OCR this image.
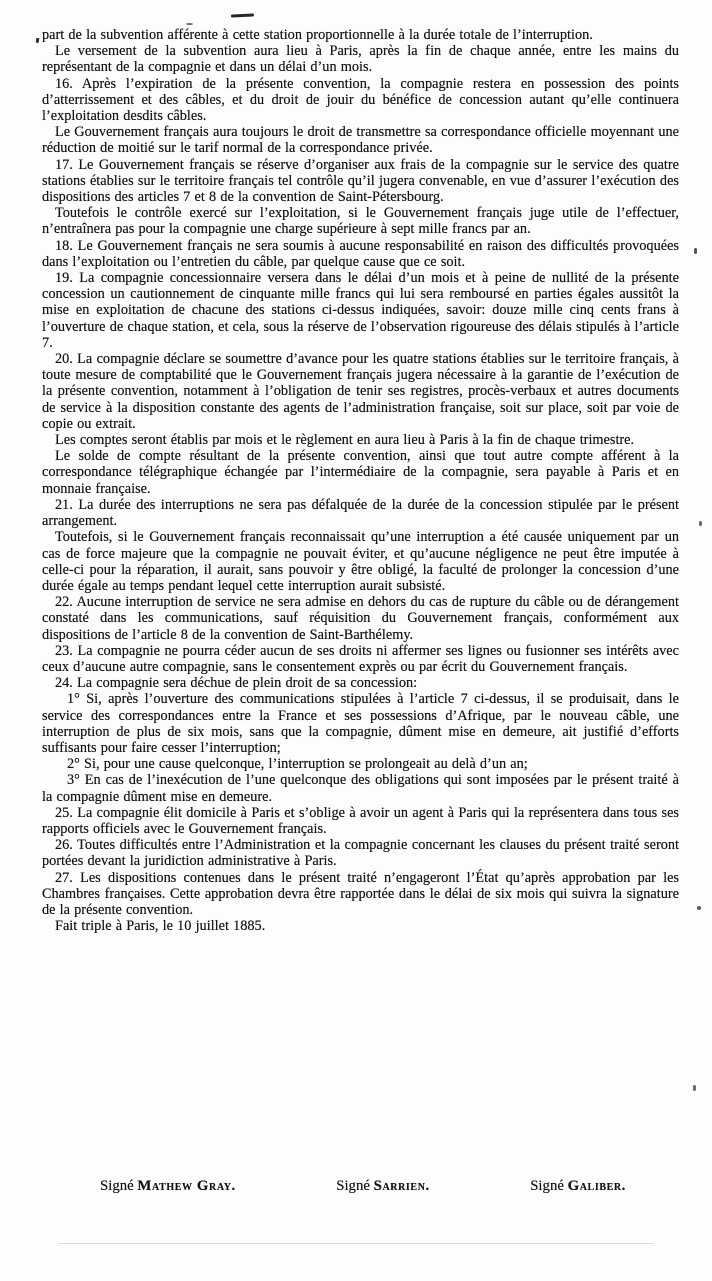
part de la subvention afférente à cette station proportionnelle à la durée totale de l’interruption.

Le versement de la subvention aura lieu à Paris, après la fin de chaque année, entre les mains du représentant de la compagnie et dans un délai d’un mois.

16. Après l’expiration de la présente convention, la compagnie restera en possession des points d’atterrissement et des câbles, et du droit de jouir du bénéfice de concession autant qu’elle continuera l’exploitation desdits câbles.

Le Gouvernement français aura toujours le droit de transmettre sa correspondance officielle moyennant une réduction de moitié sur le tarif normal de la correspondance privée.

17. Le Gouvernement français se réserve d’organiser aux frais de la compagnie sur le service des quatre stations établies sur le territoire français tel contrôle qu’il jugera convenable, en vue d’assurer l’exécution des dispositions des articles 7 et 8 de la convention de Saint-Pétersbourg.

Toutefois le contrôle exercé sur l’exploitation, si le Gouvernement français juge utile de l’effectuer, n’entraînera pas pour la compagnie une charge supérieure à sept mille francs par an.

18. Le Gouvernement français ne sera soumis à aucune responsabilité en raison des difficultés provoquées dans l’exploitation ou l’entretien du câble, par quelque cause que ce soit.

19. La compagnie concessionnaire versera dans le délai d’un mois et à peine de nullité de la présente concession un cautionnement de cinquante mille francs qui lui sera remboursé en parties égales aussitôt la mise en exploitation de chacune des stations ci-dessus indiquées, savoir: douze mille cinq cents frans à l’ouverture de chaque station, et cela, sous la réserve de l’observation rigoureuse des délais stipulés à l’article 7.

20. La compagnie déclare se soumettre d’avance pour les quatre stations établies sur le territoire français, à toute mesure de comptabilité que le Gouvernement français jugera nécessaire à la garantie de l’exécution de la présente convention, notamment à l’obligation de tenir ses registres, procès-verbaux et autres documents de service à la disposition constante des agents de l’administration française, soit sur place, soit par voie de copie ou extrait.

Les comptes seront établis par mois et le règlement en aura lieu à Paris à la fin de chaque trimestre.

Le solde de compte résultant de la présente convention, ainsi que tout autre compte afférent à la correspondance télégraphique échangée par l’intermédiaire de la compagnie, sera payable à Paris et en monnaie française.

21. La durée des interruptions ne sera pas défalquée de la durée de la concession stipulée par le présent arrangement.

Toutefois, si le Gouvernement français reconnaissait qu’une interruption a été causée uniquement par un cas de force majeure que la compagnie ne pouvait éviter, et qu’aucune négligence ne peut être imputée à celle-ci pour la réparation, il aurait, sans pouvoir y être obligé, la faculté de prolonger la concession d’une durée égale au temps pendant lequel cette interruption aurait subsisté.

22. Aucune interruption de service ne sera admise en dehors du cas de rupture du câble ou de dérangement constaté dans les communications, sauf réquisition du Gouvernement français, conformément aux dispositions de l’article 8 de la convention de Saint-Barthélemy.

23. La compagnie ne pourra céder aucun de ses droits ni affermer ses lignes ou fusionner ses intérêts avec ceux d’aucune autre compagnie, sans le consentement exprès ou par écrit du Gouvernement français.

24. La compagnie sera déchue de plein droit de sa concession:

1° Si, après l’ouverture des communications stipulées à l’article 7 ci-dessus, il se produisait, dans le service des correspondances entre la France et ses possessions d’Afrique, par le nouveau câble, une interruption de plus de six mois, sans que la compagnie, dûment mise en demeure, ait justifié d’efforts suffisants pour faire cesser l’interruption;

2° Si, pour une cause quelconque, l’interruption se prolongeait au delà d’un an;

3° En cas de l’inexécution de l’une quelconque des obligations qui sont imposées par le présent traité à la compagnie dûment mise en demeure.

25. La compagnie élit domicile à Paris et s’oblige à avoir un agent à Paris qui la représentera dans tous ses rapports officiels avec le Gouvernement français.

26. Toutes difficultés entre l’Administration et la compagnie concernant les clauses du présent traité seront portées devant la juridiction administrative à Paris.

27. Les dispositions contenues dans le présent traité n’engageront l’État qu’après approbation par les Chambres françaises. Cette approbation devra être rapportée dans le délai de six mois qui suivra la signature de la présente convention.

Fait triple à Paris, le 10 juillet 1885.

Signé Mathew Gray.	Signé Sarrien.	Signé Galiber.
